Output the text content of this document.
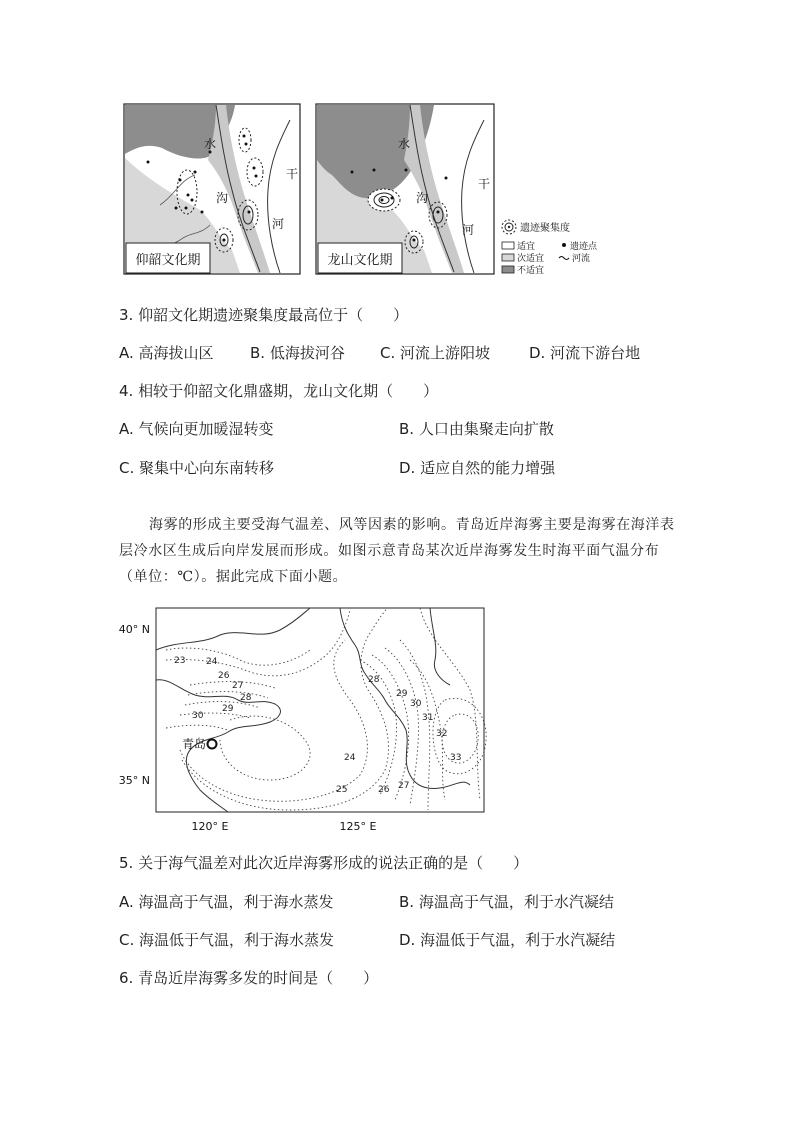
仰韶文化期
水
沟
干
河
龙山文化期
水
沟
干
河	遗迹聚集度
适宜	遗迹点
次适宜	河流
不适宜
3. 仰韶文化期遗迹聚集度最高位于（　　）
A. 高海拔山区 B. 低海拔河谷 C. 河流上游阳坡	D. 河流下游台地
4. 相较于仰韶文化鼎盛期，龙山文化期（　　）
A. 气候向更加暖湿转变	B. 人口由集聚走向扩散
C. 聚集中心向东南转移	D. 适应自然的能力增强
海雾的形成主要受海气温差、风等因素的影响。青岛近岸海雾主要是海雾在海洋表层冷水区生成后向岸发展而形成。如图示意青岛某次近岸海雾发生时海平面气温分布（单位：℃）。据此完成下面小题。
40° N
35° N
120° E	125° E
青岛
23 24
26
27
28
29
30
24
25	26 27
28
29
30
31
32
33
5. 关于海气温差对此次近岸海雾形成的说法正确的是（　　）
A. 海温高于气温，利于海水蒸发	B. 海温高于气温，利于水汽凝结
C. 海温低于气温，利于海水蒸发	D. 海温低于气温，利于水汽凝结
6. 青岛近岸海雾多发的时间是（　　）
